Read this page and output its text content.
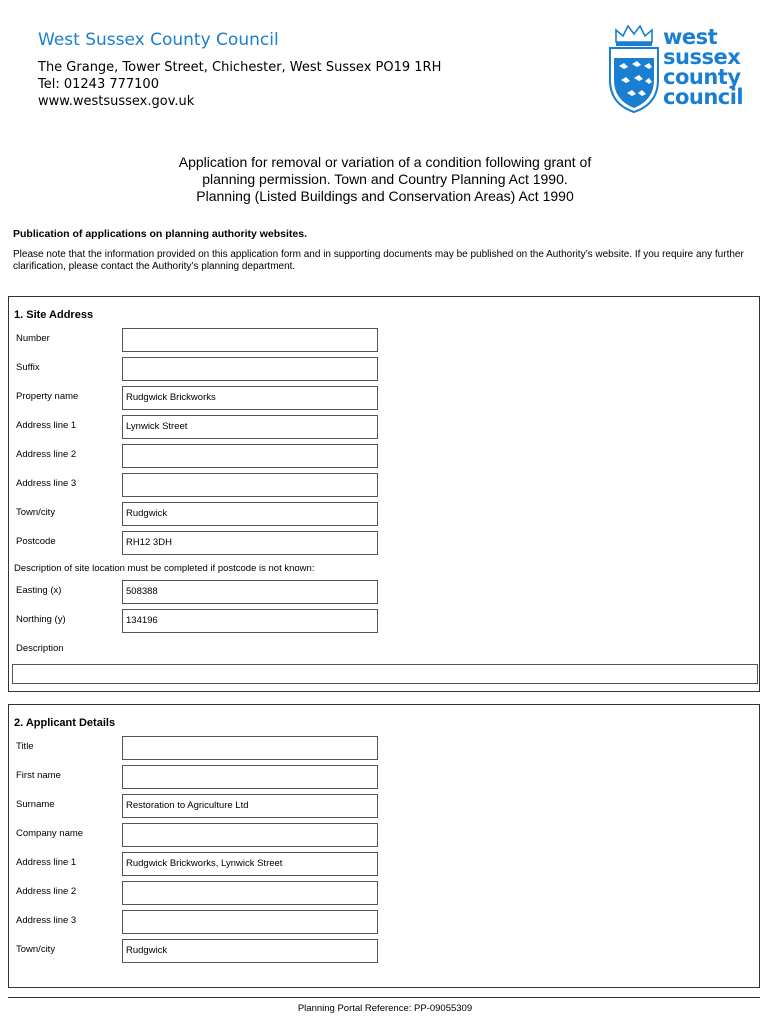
West Sussex County Council
The Grange, Tower Street, Chichester, West Sussex PO19 1RH
Tel: 01243 777100
www.westsussex.gov.uk
west
sussex
county
council
Application for removal or variation of a condition following grant of
planning permission. Town and Country Planning Act 1990.
Planning (Listed Buildings and Conservation Areas) Act 1990
Publication of applications on planning authority websites.
Please note that the information provided on this application form and in supporting documents may be published on the Authority’s website. If you require any further clarification, please contact the Authority’s planning department.
1. Site Address
Number
Suffix
Property name	Rudgwick Brickworks
Address line 1	Lynwick Street
Address line 2
Address line 3
Town/city	Rudgwick
Postcode	RH12 3DH
Description of site location must be completed if postcode is not known:
Easting (x)	508388
Northing (y)	134196
Description
2. Applicant Details
Title
First name
Surname	Restoration to Agriculture Ltd
Company name
Address line 1	Rudgwick Brickworks, Lynwick Street
Address line 2
Address line 3
Town/city	Rudgwick
Planning Portal Reference: PP-09055309
